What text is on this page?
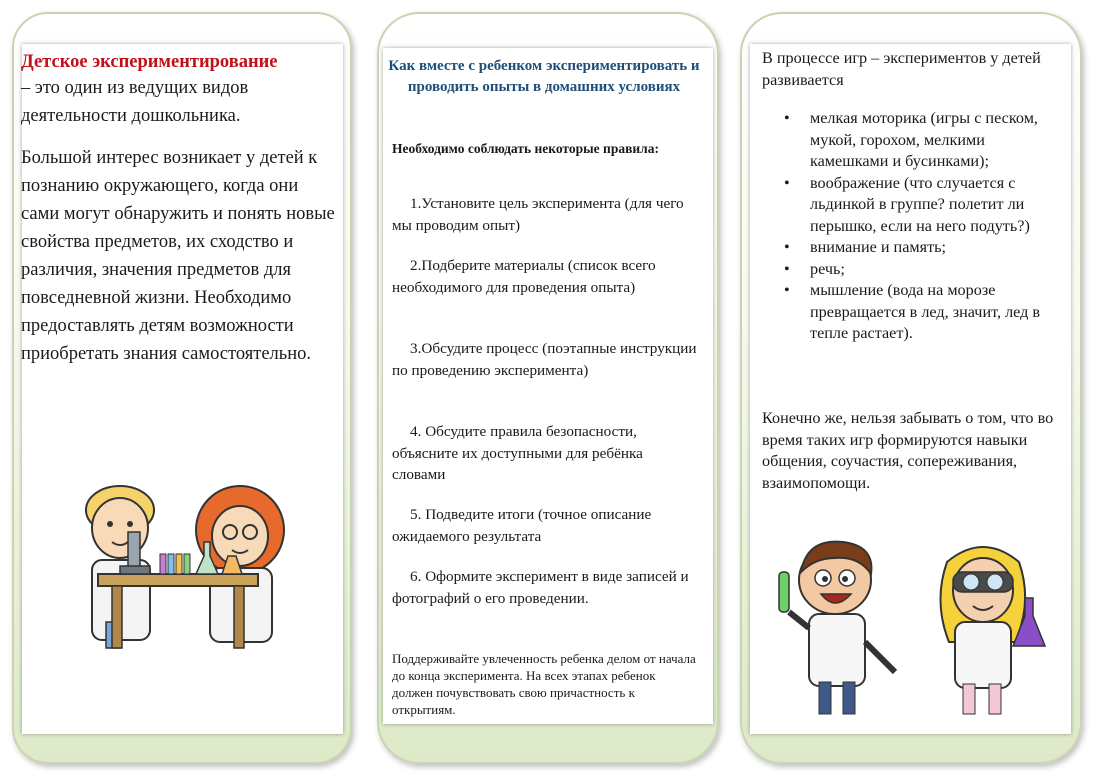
Детское экспериментирование
– это один из ведущих видов деятельности дошкольника.
Большой интерес возникает у детей к познанию окружающего, когда они сами могут обнаружить и понять новые свойства предметов, их сходство и различия, значения предметов для повседневной жизни. Необходимо предоставлять детям возможности приобретать знания самостоятельно.
Как вместе с ребенком экспериментировать и проводить опыты в домашних условиях
Необходимо соблюдать некоторые правила:
1.Установите цель эксперимента (для чего мы проводим опыт)
2.Подберите материалы (список всего необходимого для проведения опыта)
3.Обсудите процесс (поэтапные инструкции по проведению эксперимента)
4. Обсудите правила безопасности, объясните их доступными для ребёнка словами
5. Подведите итоги (точное описание ожидаемого результата
6. Оформите эксперимент в виде записей и фотографий о его проведении.
Поддерживайте увлеченность ребенка делом от начала до конца эксперимента. На всех этапах ребенок должен почувствовать свою причастность к открытиям.
В процессе игр – экспериментов у детей развивается
• мелкая моторика (игры с песком, мукой, горохом, мелкими камешками и бусинками);
• воображение (что случается с льдинкой в группе? полетит ли перышко, если на него подуть?)
• внимание и память;
• речь;
• мышление (вода на морозе превращается в лед, значит, лед в тепле растает).
Конечно же, нельзя забывать о том, что во время таких игр формируются навыки общения, соучастия, сопереживания, взаимопомощи.
